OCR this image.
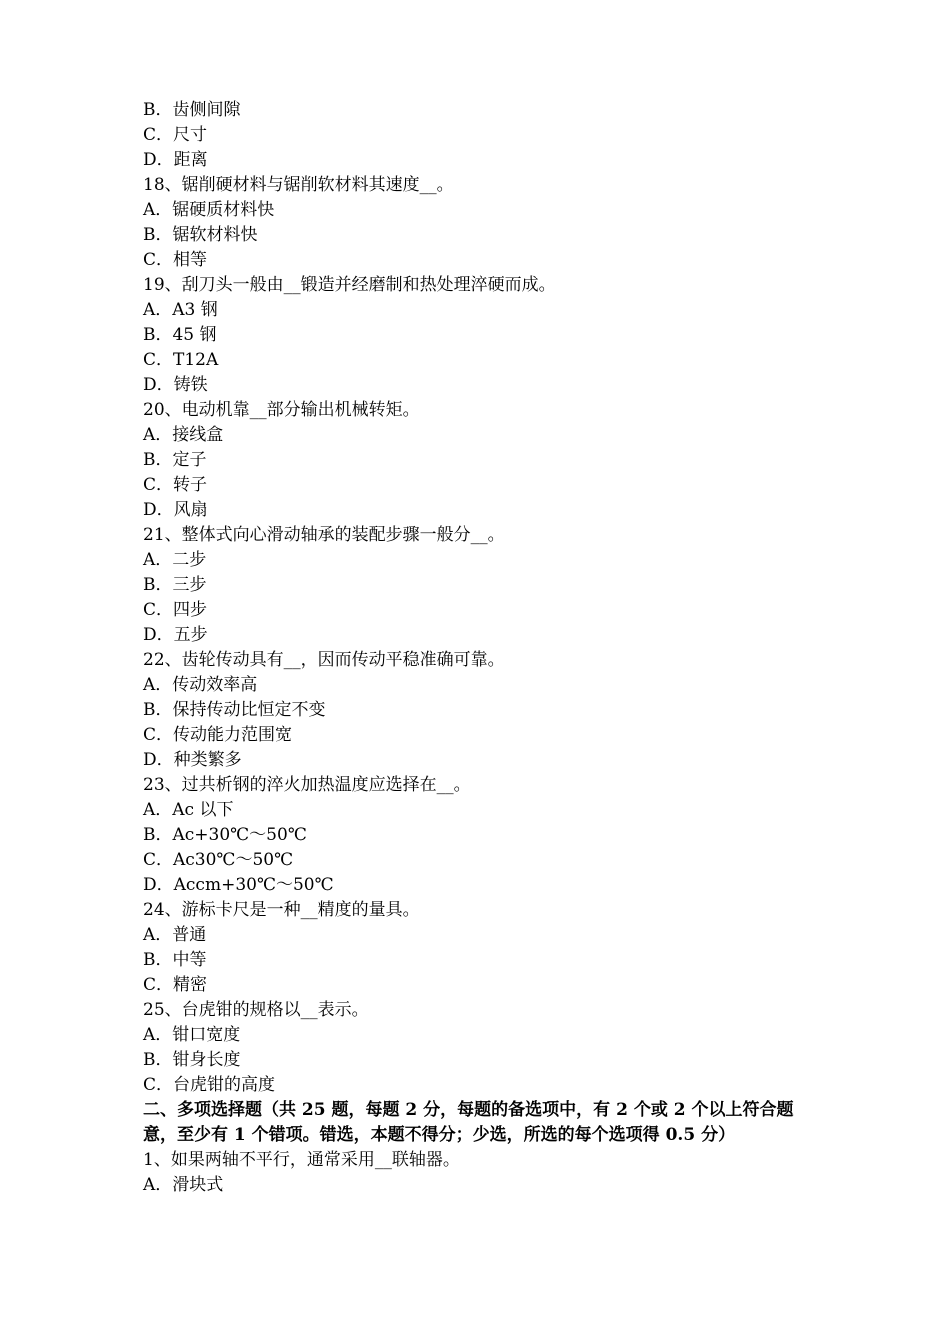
B．齿侧间隙
C．尺寸
D．距离
18、锯削硬材料与锯削软材料其速度__。
A．锯硬质材料快
B．锯软材料快
C．相等
19、刮刀头一般由__锻造并经磨制和热处理淬硬而成。
A．A3 钢
B．45 钢
C．T12A
D．铸铁
20、电动机靠__部分输出机械转矩。
A．接线盒
B．定子
C．转子
D．风扇
21、整体式向心滑动轴承的装配步骤一般分__。
A．二步
B．三步
C．四步
D．五步
22、齿轮传动具有__，因而传动平稳准确可靠。
A．传动效率高
B．保持传动比恒定不变
C．传动能力范围宽
D．种类繁多
23、过共析钢的淬火加热温度应选择在__。
A．Ac 以下
B．Ac+30℃～50℃
C．Ac30℃～50℃
D．Accm+30℃～50℃
24、游标卡尺是一种__精度的量具。
A．普通
B．中等
C．精密
25、台虎钳的规格以__表示。
A．钳口宽度
B．钳身长度
C．台虎钳的高度
二、多项选择题（共 25 题，每题 2 分，每题的备选项中，有 2 个或 2 个以上符合题意，至少有 1 个错项。错选，本题不得分；少选，所选的每个选项得 0.5 分）
1、如果两轴不平行，通常采用__联轴器。
A．滑块式
